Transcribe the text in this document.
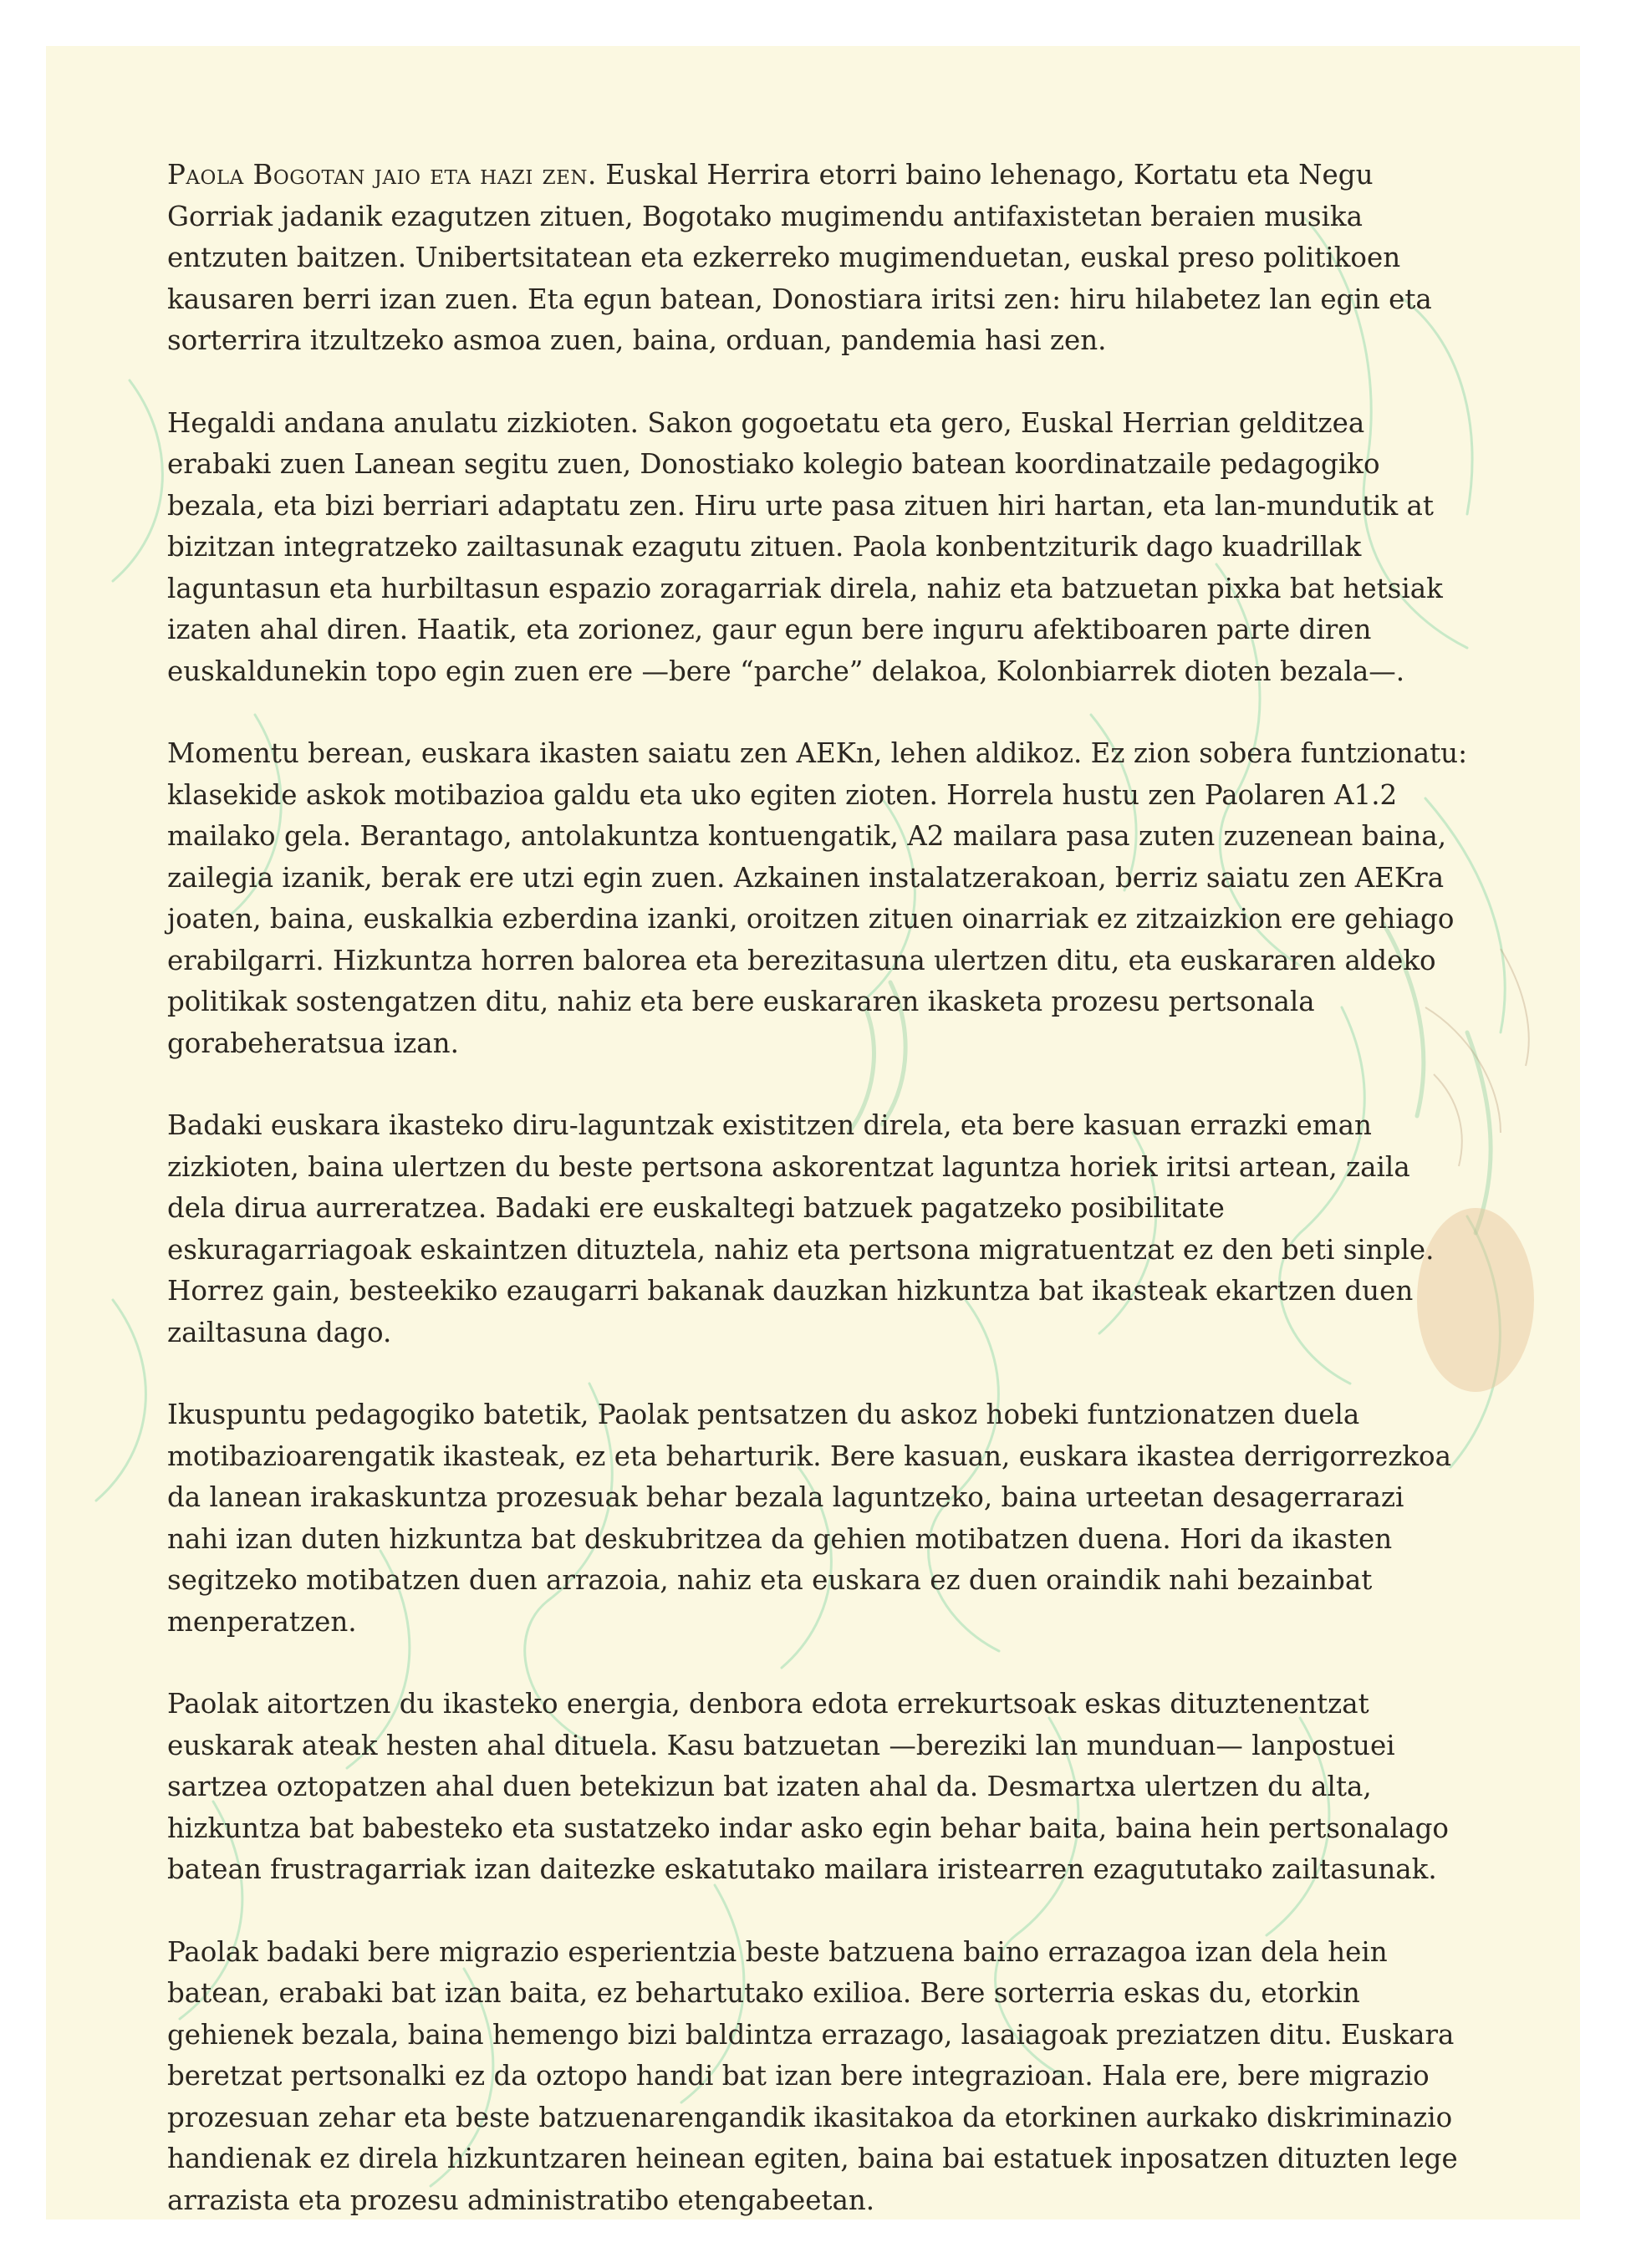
Paola Bogotan jaio eta hazi zen. Euskal Herrira etorri baino lehenago, Kortatu eta Negu Gorriak jadanik ezagutzen zituen, Bogotako mugimendu antifaxistetan beraien musika entzuten baitzen. Unibertsitatean eta ezkerreko mugimenduetan, euskal preso politikoen kausaren berri izan zuen. Eta egun batean, Donostiara iritsi zen: hiru hilabetez lan egin eta sorterrira itzultzeko asmoa zuen, baina, orduan, pandemia hasi zen.

Hegaldi andana anulatu zizkioten. Sakon gogoetatu eta gero, Euskal Herrian gelditzea erabaki zuen Lanean segitu zuen, Donostiako kolegio batean koordinatzaile pedagogiko bezala, eta bizi berriari adaptatu zen. Hiru urte pasa zituen hiri hartan, eta lan-mundutik at bizitzan integratzeko zailtasunak ezagutu zituen. Paola konbentziturik dago kuadrillak laguntasun eta hurbiltasun espazio zoragarriak direla, nahiz eta batzuetan pixka bat hetsiak izaten ahal diren. Haatik, eta zorionez, gaur egun bere inguru afektiboaren parte diren euskaldunekin topo egin zuen ere —bere “parche” delakoa, Kolonbiarrek dioten bezala—.

Momentu berean, euskara ikasten saiatu zen AEKn, lehen aldikoz. Ez zion sobera funtzionatu: klasekide askok motibazioa galdu eta uko egiten zioten. Horrela hustu zen Paolaren A1.2 mailako gela. Berantago, antolakuntza kontuengatik, A2 mailara pasa zuten zuzenean baina, zailegia izanik, berak ere utzi egin zuen. Azkainen instalatzerakoan, berriz saiatu zen AEKra joaten, baina, euskalkia ezberdina izanki, oroitzen zituen oinarriak ez zitzaizkion ere gehiago erabilgarri. Hizkuntza horren balorea eta berezitasuna ulertzen ditu, eta euskararen aldeko politikak sostengatzen ditu, nahiz eta bere euskararen ikasketa prozesu pertsonala gorabeheratsua izan.

Badaki euskara ikasteko diru-laguntzak existitzen direla, eta bere kasuan errazki eman zizkioten, baina ulertzen du beste pertsona askorentzat laguntza horiek iritsi artean, zaila dela dirua aurreratzea. Badaki ere euskaltegi batzuek pagatzeko posibilitate eskuragarriagoak eskaintzen dituztela, nahiz eta pertsona migratuentzat ez den beti sinple. Horrez gain, besteekiko ezaugarri bakanak dauzkan hizkuntza bat ikasteak ekartzen duen zailtasuna dago.

Ikuspuntu pedagogiko batetik, Paolak pentsatzen du askoz hobeki funtzionatzen duela motibazioarengatik ikasteak, ez eta beharturik. Bere kasuan, euskara ikastea derrigorrezkoa da lanean irakaskuntza prozesuak behar bezala laguntzeko, baina urteetan desagerrarazi nahi izan duten hizkuntza bat deskubritzea da gehien motibatzen duena. Hori da ikasten segitzeko motibatzen duen arrazoia, nahiz eta euskara ez duen oraindik nahi bezainbat menperatzen.

Paolak aitortzen du ikasteko energia, denbora edota errekurtsoak eskas dituztenentzat euskarak ateak hesten ahal dituela. Kasu batzuetan —bereziki lan munduan— lanpostuei sartzea oztopatzen ahal duen betekizun bat izaten ahal da. Desmartxa ulertzen du alta, hizkuntza bat babesteko eta sustatzeko indar asko egin behar baita, baina hein pertsonalago batean frustragarriak izan daitezke eskatutako mailara iristearren ezagututako zailtasunak.

Paolak badaki bere migrazio esperientzia beste batzuena baino errazagoa izan dela hein batean, erabaki bat izan baita, ez behartutako exilioa. Bere sorterria eskas du, etorkin gehienek bezala, baina hemengo bizi baldintza errazago, lasaiagoak preziatzen ditu. Euskara beretzat pertsonalki ez da oztopo handi bat izan bere integrazioan. Hala ere, bere migrazio prozesuan zehar eta beste batzuenarengandik ikasitakoa da etorkinen aurkako diskriminazio handienak ez direla hizkuntzaren heinean egiten, baina bai estatuek inposatzen dituzten lege arrazista eta prozesu administratibo etengabeetan.
